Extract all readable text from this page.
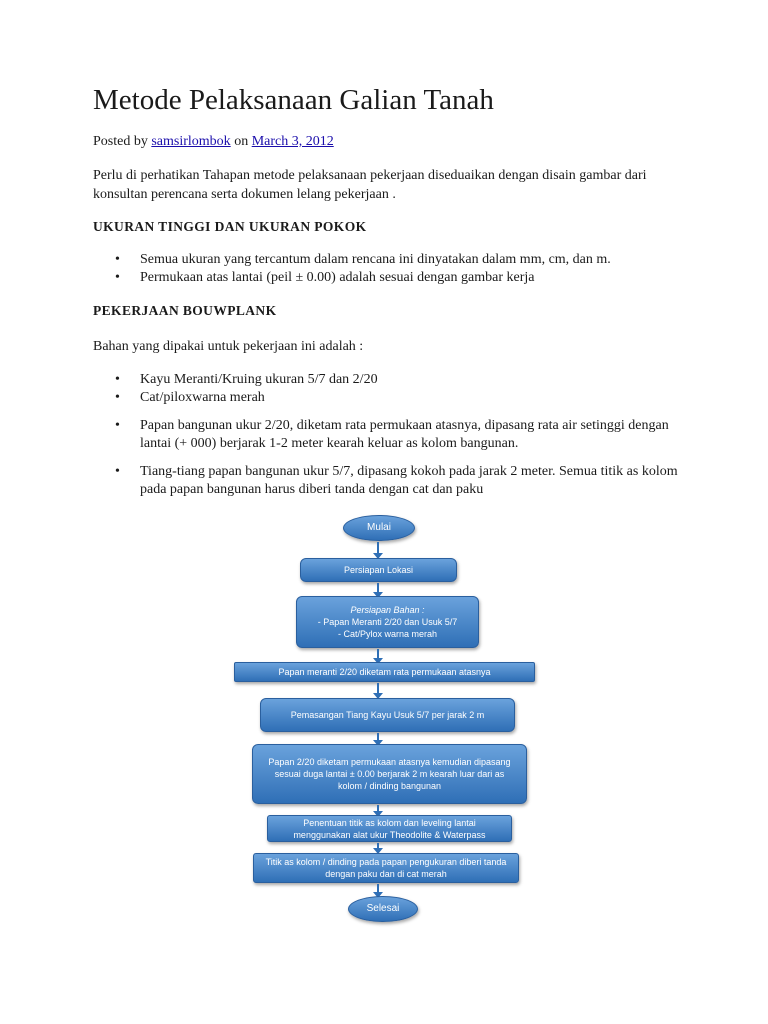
Metode Pelaksanaan Galian Tanah
Posted by samsirlombok on March 3, 2012

Perlu di perhatikan Tahapan metode pelaksanaan pekerjaan diseduaikan dengan disain gambar dari konsultan perencana serta dokumen lelang pekerjaan .

UKURAN TINGGI DAN UKURAN POKOK
• Semua ukuran yang tercantum dalam rencana ini dinyatakan dalam mm, cm, dan m.
• Permukaan atas lantai (peil ± 0.00) adalah sesuai dengan gambar kerja
PEKERJAAN BOUWPLANK

Bahan yang dipakai untuk pekerjaan ini adalah :

• Kayu Meranti/Kruing ukuran 5/7 dan 2/20
• Cat/piloxwarna merah
• Papan bangunan ukur 2/20, diketam rata permukaan atasnya, dipasang rata air setinggi dengan lantai (+ 000) berjarak 1-2 meter kearah keluar as kolom bangunan.
• Tiang-tiang papan bangunan ukur 5/7, dipasang kokoh pada jarak 2 meter. Semua titik as kolom pada papan bangunan harus diberi tanda dengan cat dan paku
Mulai
Persiapan Lokasi
Persiapan Bahan :
- Papan Meranti 2/20 dan Usuk 5/7
- Cat/Pylox warna merah
Papan meranti 2/20 diketam rata permukaan atasnya
Pemasangan Tiang Kayu Usuk 5/7 per jarak 2 m
Papan 2/20 diketam permukaan atasnya kemudian dipasang sesuai duga lantai ± 0.00 berjarak 2 m kearah luar dari as kolom / dinding bangunan
Penentuan titik as kolom dan leveling lantai menggunakan alat ukur Theodolite & Waterpass
Titik as kolom / dinding pada papan pengukuran diberi tanda dengan paku dan di cat merah
Selesai
